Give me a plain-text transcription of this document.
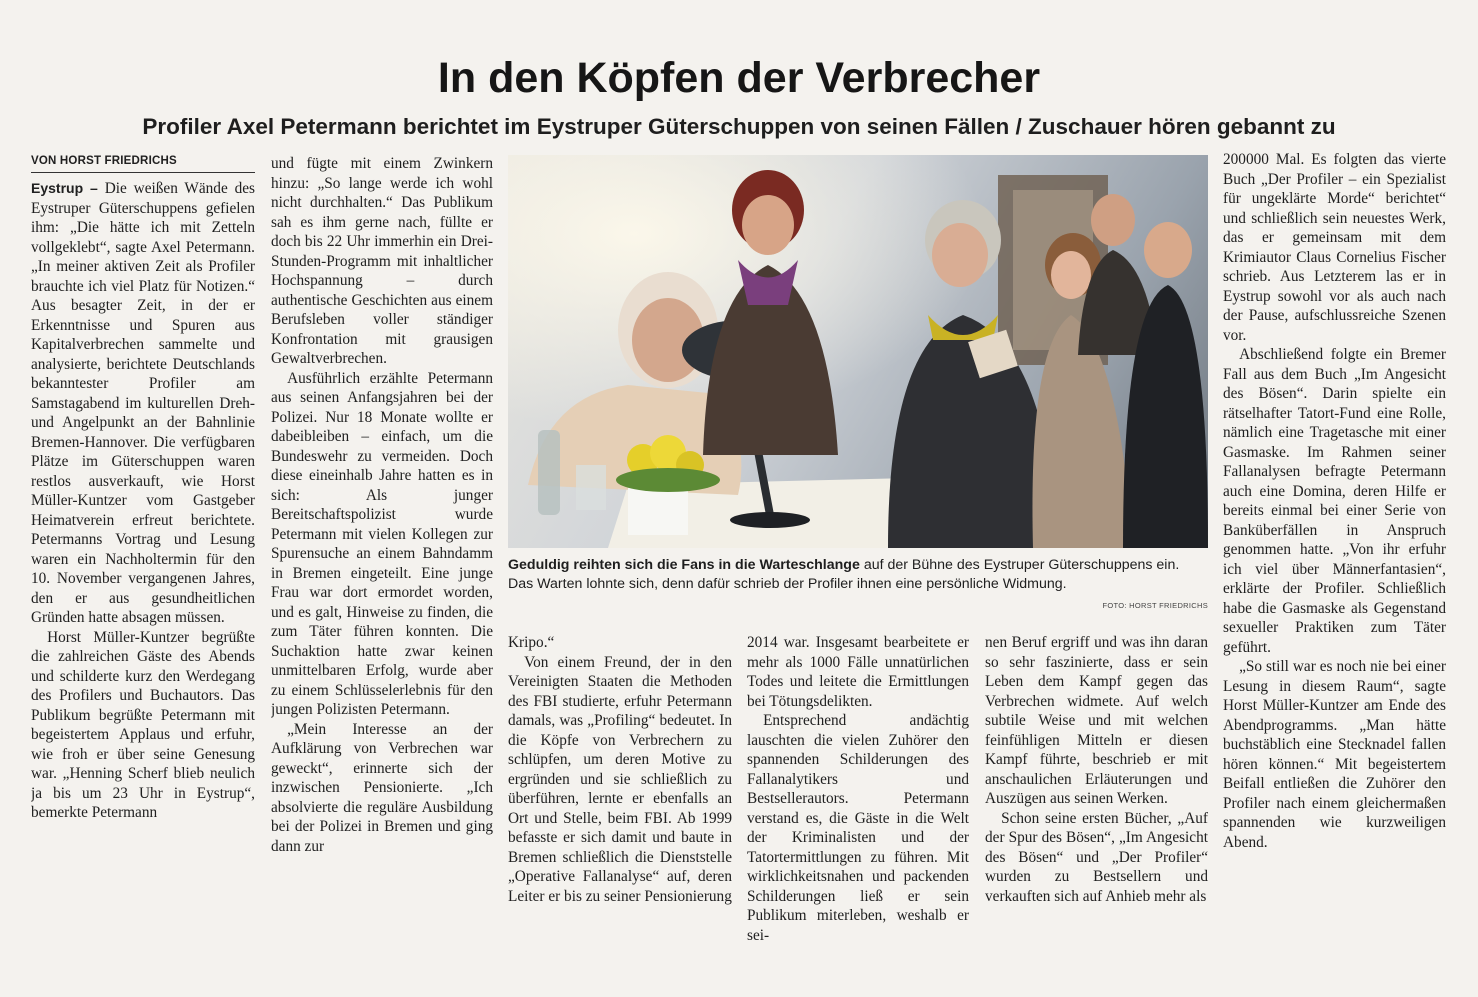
In den Köpfen der Verbrecher
Profiler Axel Petermann berichtet im Eystruper Güterschuppen von seinen Fällen / Zuschauer hören gebannt zu
VON HORST FRIEDRICHS

Eystrup – Die weißen Wände des Eystruper Güterschuppens gefielen ihm: „Die hätte ich mit Zetteln vollgeklebt“, sagte Axel Petermann. „In meiner aktiven Zeit als Profiler brauchte ich viel Platz für Notizen.“ Aus besagter Zeit, in der er Erkenntnisse und Spuren aus Kapitalverbrechen sammelte und analysierte, berichtete Deutschlands bekanntester Profiler am Samstagabend im kulturellen Dreh- und Angelpunkt an der Bahnlinie Bremen-Hannover. Die verfügbaren Plätze im Güterschuppen waren restlos ausverkauft, wie Horst Müller-Kuntzer vom Gastgeber Heimatverein erfreut berichtete. Petermanns Vortrag und Lesung waren ein Nachholtermin für den 10. November vergangenen Jahres, den er aus gesundheitlichen Gründen hatte absagen müssen.

Horst Müller-Kuntzer begrüßte die zahlreichen Gäste des Abends und schilderte kurz den Werdegang des Profilers und Buchautors. Das Publikum begrüßte Petermann mit begeistertem Applaus und erfuhr, wie froh er über seine Genesung war. „Henning Scherf blieb neulich ja bis um 23 Uhr in Eystrup“, bemerkte Petermann

und fügte mit einem Zwinkern hinzu: „So lange werde ich wohl nicht durchhalten.“ Das Publikum sah es ihm gerne nach, füllte er doch bis 22 Uhr immerhin ein Drei-Stunden-Programm mit inhaltlicher Hochspannung – durch authentische Geschichten aus einem Berufsleben voller ständiger Konfrontation mit grausigen Gewaltverbrechen.

Ausführlich erzählte Petermann aus seinen Anfangsjahren bei der Polizei. Nur 18 Monate wollte er dabeibleiben – einfach, um die Bundeswehr zu vermeiden. Doch diese eineinhalb Jahre hatten es in sich: Als junger Bereitschaftspolizist wurde Petermann mit vielen Kollegen zur Spurensuche an einem Bahndamm in Bremen eingeteilt. Eine junge Frau war dort ermordet worden, und es galt, Hinweise zu finden, die zum Täter führen konnten. Die Suchaktion hatte zwar keinen unmittelbaren Erfolg, wurde aber zu einem Schlüsselerlebnis für den jungen Polizisten Petermann.

„Mein Interesse an der Aufklärung von Verbrechen war geweckt“, erinnerte sich der inzwischen Pensionierte. „Ich absolvierte die reguläre Ausbildung bei der Polizei in Bremen und ging dann zur

Geduldig reihten sich die Fans in die Warteschlange auf der Bühne des Eystruper Güterschuppens ein. Das Warten lohnte sich, denn dafür schrieb der Profiler ihnen eine persönliche Widmung.
FOTO: HORST FRIEDRICHS

Kripo.“

Von einem Freund, der in den Vereinigten Staaten die Methoden des FBI studierte, erfuhr Petermann damals, was „Profiling“ bedeutet. In die Köpfe von Verbrechern zu schlüpfen, um deren Motive zu ergründen und sie schließlich zu überführen, lernte er ebenfalls an Ort und Stelle, beim FBI. Ab 1999 befasste er sich damit und baute in Bremen schließlich die Dienststelle „Operative Fallanalyse“ auf, deren Leiter er bis zu seiner Pensionierung

2014 war. Insgesamt bearbeitete er mehr als 1000 Fälle unnatürlichen Todes und leitete die Ermittlungen bei Tötungsdelikten.

Entsprechend andächtig lauschten die vielen Zuhörer den spannenden Schilderungen des Fallanalytikers und Bestsellerautors. Petermann verstand es, die Gäste in die Welt der Kriminalisten und der Tatortermittlungen zu führen. Mit wirklichkeitsnahen und packenden Schilderungen ließ er sein Publikum miterleben, weshalb er sei-

nen Beruf ergriff und was ihn daran so sehr faszinierte, dass er sein Leben dem Kampf gegen das Verbrechen widmete. Auf welch subtile Weise und mit welchen feinfühligen Mitteln er diesen Kampf führte, beschrieb er mit anschaulichen Erläuterungen und Auszügen aus seinen Werken.

Schon seine ersten Bücher, „Auf der Spur des Bösen“, „Im Angesicht des Bösen“ und „Der Profiler“ wurden zu Bestsellern und verkauften sich auf Anhieb mehr als

200000 Mal. Es folgten das vierte Buch „Der Profiler – ein Spezialist für ungeklärte Morde“ berichtet“ und schließlich sein neuestes Werk, das er gemeinsam mit dem Krimiautor Claus Cornelius Fischer schrieb. Aus Letzterem las er in Eystrup sowohl vor als auch nach der Pause, aufschlussreiche Szenen vor.

Abschließend folgte ein Bremer Fall aus dem Buch „Im Angesicht des Bösen“. Darin spielte ein rätselhafter Tatort-Fund eine Rolle, nämlich eine Tragetasche mit einer Gasmaske. Im Rahmen seiner Fallanalysen befragte Petermann auch eine Domina, deren Hilfe er bereits einmal bei einer Serie von Banküberfällen in Anspruch genommen hatte. „Von ihr erfuhr ich viel über Männerfantasien“, erklärte der Profiler. Schließlich habe die Gasmaske als Gegenstand sexueller Praktiken zum Täter geführt.

„So still war es noch nie bei einer Lesung in diesem Raum“, sagte Horst Müller-Kuntzer am Ende des Abendprogramms. „Man hätte buchstäblich eine Stecknadel fallen hören können.“ Mit begeistertem Beifall entließen die Zuhörer den Profiler nach einem gleichermaßen spannenden wie kurzweiligen Abend.
